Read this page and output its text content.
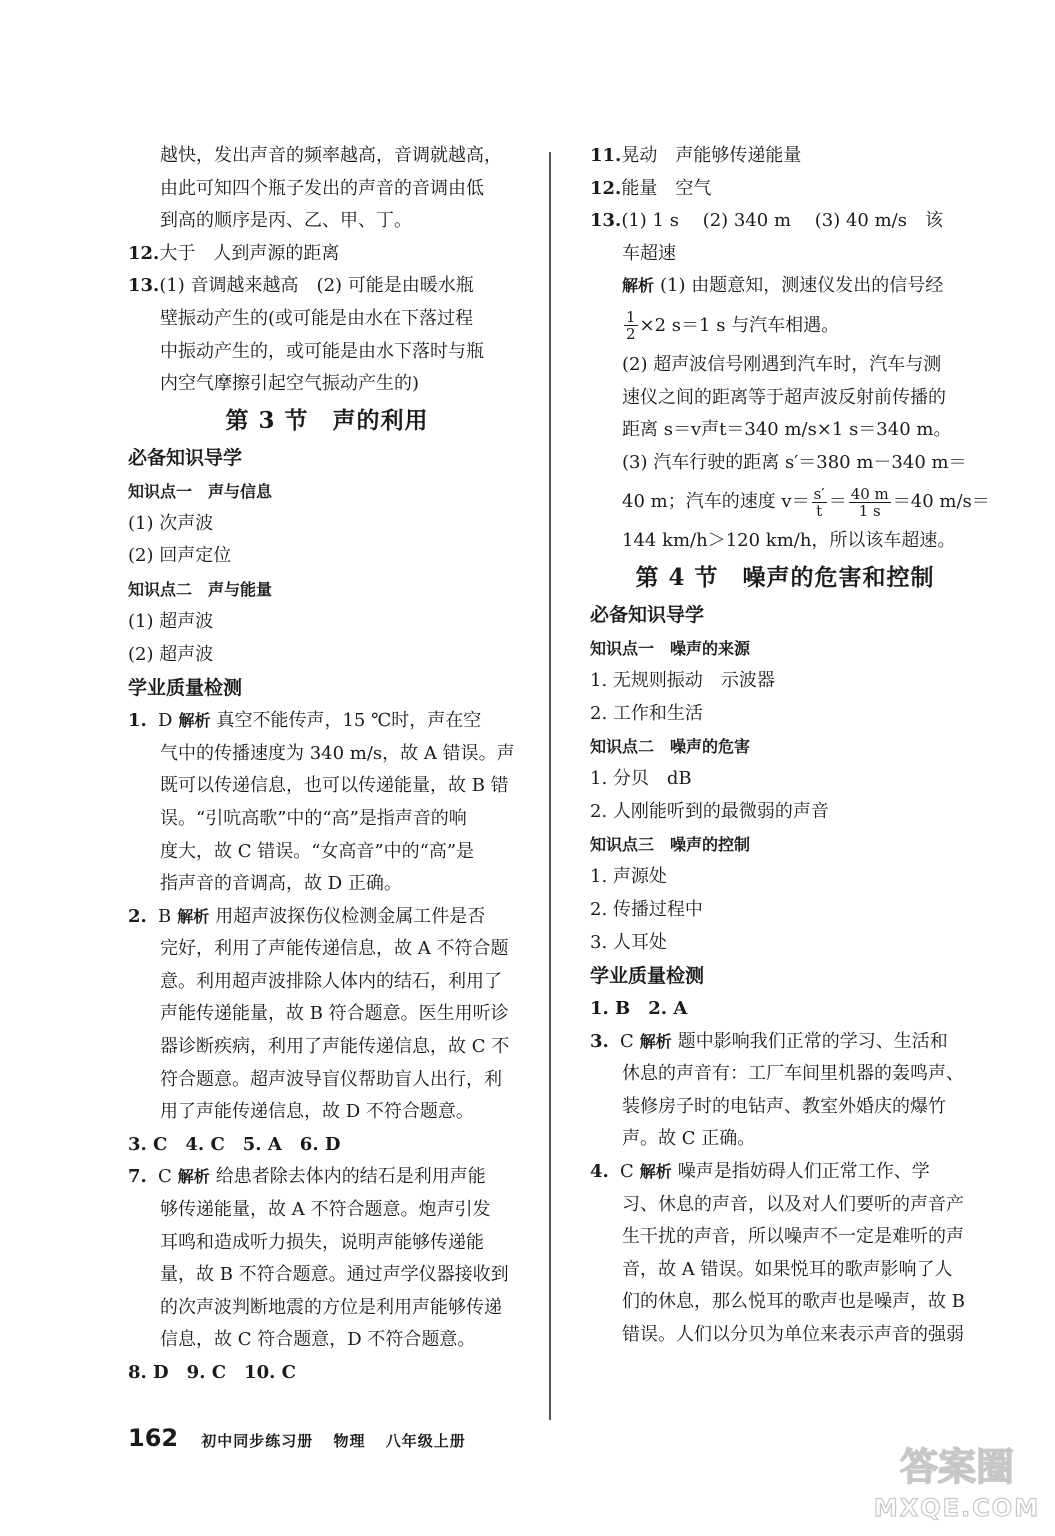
越快，发出声音的频率越高，音调就越高，
由此可知四个瓶子发出的声音的音调由低
到高的顺序是丙、乙、甲、丁。
12.大于　人到声源的距离
13.(1) 音调越来越高　(2) 可能是由暖水瓶
壁振动产生的(或可能是由水在下落过程
中振动产生的，或可能是由水下落时与瓶
内空气摩擦引起空气振动产生的)
第 3 节　声的利用
必备知识导学
知识点一　声与信息
(1) 次声波
(2) 回声定位
知识点二　声与能量
(1) 超声波
(2) 超声波
学业质量检测
1. D 解析 真空不能传声，15 ℃时，声在空
气中的传播速度为 340 m/s，故 A 错误。声
既可以传递信息，也可以传递能量，故 B 错
误。“引吭高歌”中的“高”是指声音的响
度大，故 C 错误。“女高音”中的“高”是
指声音的音调高，故 D 正确。
2. B 解析 用超声波探伤仪检测金属工件是否
完好，利用了声能传递信息，故 A 不符合题
意。利用超声波排除人体内的结石，利用了
声能传递能量，故 B 符合题意。医生用听诊
器诊断疾病，利用了声能传递信息，故 C 不
符合题意。超声波导盲仪帮助盲人出行，利
用了声能传递信息，故 D 不符合题意。
3. C　4. C　5. A　6. D
7. C 解析 给患者除去体内的结石是利用声能
够传递能量，故 A 不符合题意。炮声引发
耳鸣和造成听力损失，说明声能够传递能
量，故 B 不符合题意。通过声学仪器接收到
的次声波判断地震的方位是利用声能够传递
信息，故 C 符合题意，D 不符合题意。
8. D　9. C　10. C
11.晃动　声能够传递能量
12.能量　空气
13.(1) 1 s　 (2) 340 m　 (3) 40 m/s　该
车超速
解析 (1) 由题意知，测速仪发出的信号经
$\frac{1}{2} \times 2$ s＝1 s 与汽车相遇。
(2) 超声波信号刚遇到汽车时，汽车与测
速仪之间的距离等于超声波反射前传播的
距离 s＝v声t＝340 m/s×1 s＝340 m。
(3) 汽车行驶的距离 s′＝380 m－340 m＝
40 m；汽车的速度 $v= \frac{s'}{t} = \frac{40 m}{1 s} =40$ m/s＝
144 km/h＞120 km/h，所以该车超速。
第 4 节　噪声的危害和控制
必备知识导学
知识点一　噪声的来源
1. 无规则振动　示波器
2. 工作和生活
知识点二　噪声的危害
1. 分贝　dB
2. 人刚能听到的最微弱的声音
知识点三　噪声的控制
1. 声源处
2. 传播过程中
3. 人耳处
学业质量检测
1. B　2. A
3. C 解析 题中影响我们正常的学习、生活和
休息的声音有：工厂车间里机器的轰鸣声、
装修房子时的电钻声、教室外婚庆的爆竹
声。故 C 正确。
4. C 解析 噪声是指妨碍人们正常工作、学
习、休息的声音，以及对人们要听的声音产
生干扰的声音，所以噪声不一定是难听的声
音，故 A 错误。如果悦耳的歌声影响了人
们的休息，那么悦耳的歌声也是噪声，故 B
错误。人们以分贝为单位来表示声音的强弱
162 初中同步练习册 物理 八年级上册
答案圈
MXQE.COM
